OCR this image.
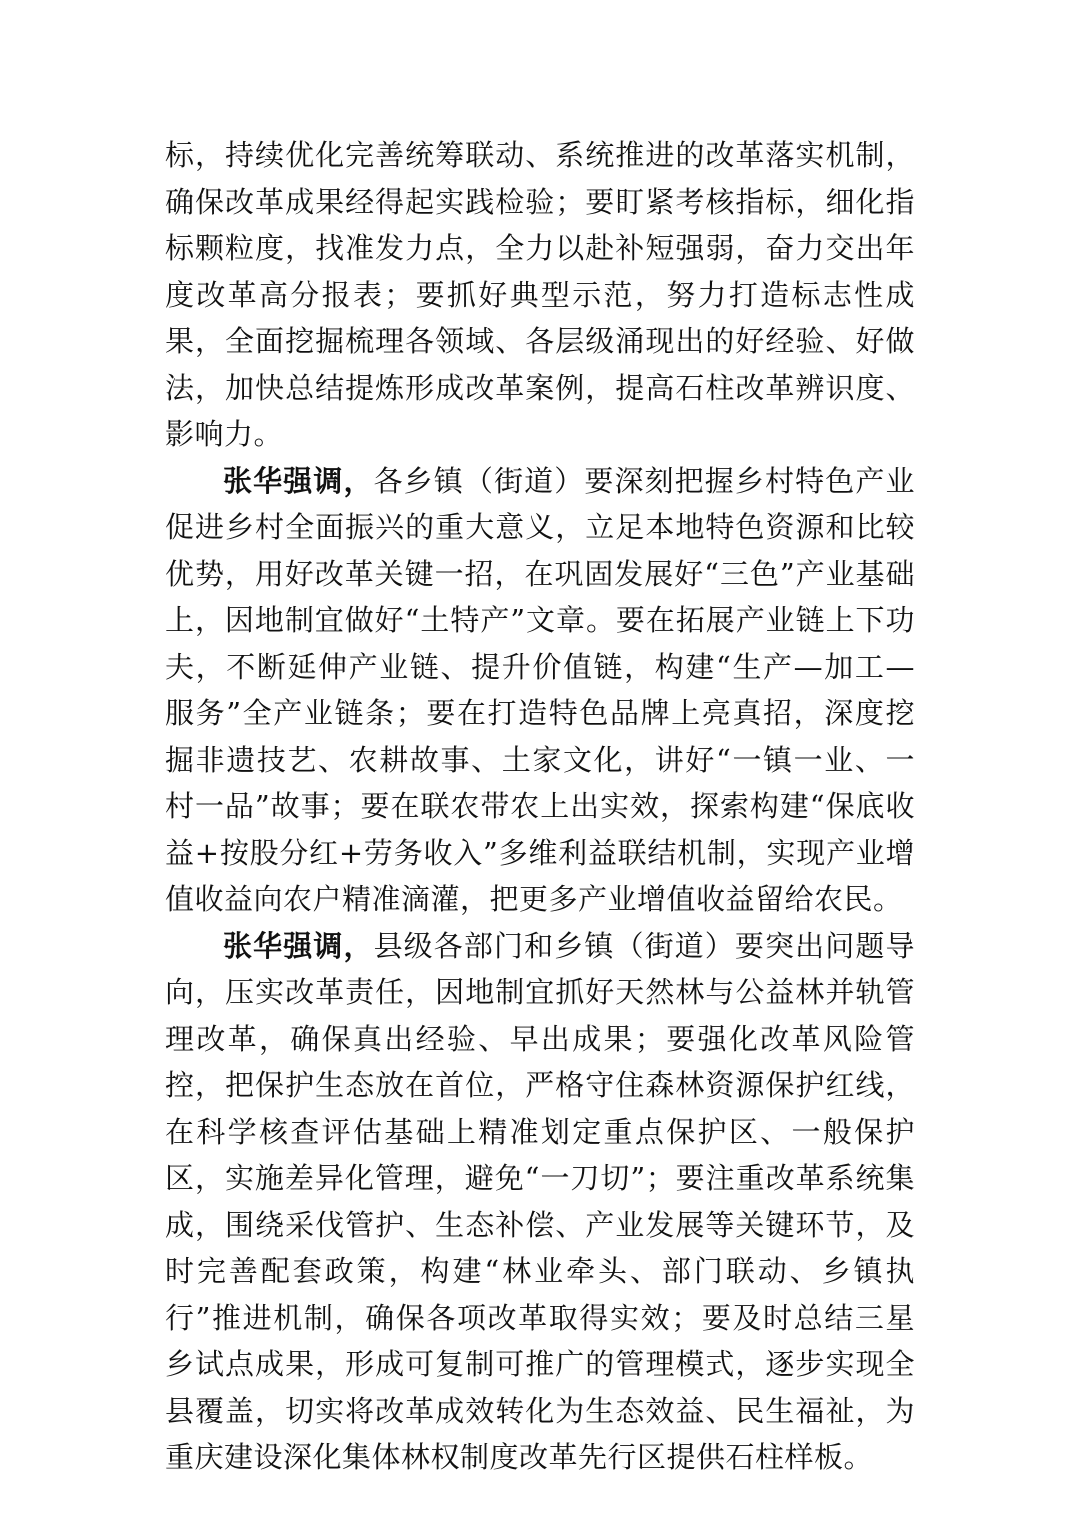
标，持续优化完善统筹联动、系统推进的改革落实机制，确保改革成果经得起实践检验；要盯紧考核指标，细化指标颗粒度，找准发力点，全力以赴补短强弱，奋力交出年度改革高分报表；要抓好典型示范，努力打造标志性成果，全面挖掘梳理各领域、各层级涌现出的好经验、好做法，加快总结提炼形成改革案例，提高石柱改革辨识度、影响力。

张华强调，各乡镇（街道）要深刻把握乡村特色产业促进乡村全面振兴的重大意义，立足本地特色资源和比较优势，用好改革关键一招，在巩固发展好“三色”产业基础上，因地制宜做好“土特产”文章。要在拓展产业链上下功夫，不断延伸产业链、提升价值链，构建“生产—加工—服务”全产业链条；要在打造特色品牌上亮真招，深度挖掘非遗技艺、农耕故事、土家文化，讲好“一镇一业、一村一品”故事；要在联农带农上出实效，探索构建“保底收益+按股分红+劳务收入”多维利益联结机制，实现产业增值收益向农户精准滴灌，把更多产业增值收益留给农民。

张华强调，县级各部门和乡镇（街道）要突出问题导向，压实改革责任，因地制宜抓好天然林与公益林并轨管理改革，确保真出经验、早出成果；要强化改革风险管控，把保护生态放在首位，严格守住森林资源保护红线，在科学核查评估基础上精准划定重点保护区、一般保护区，实施差异化管理，避免“一刀切”；要注重改革系统集成，围绕采伐管护、生态补偿、产业发展等关键环节，及时完善配套政策，构建“林业牵头、部门联动、乡镇执行”推进机制，确保各项改革取得实效；要及时总结三星乡试点成果，形成可复制可推广的管理模式，逐步实现全县覆盖，切实将改革成效转化为生态效益、民生福祉，为重庆建设深化集体林权制度改革先行区提供石柱样板。
